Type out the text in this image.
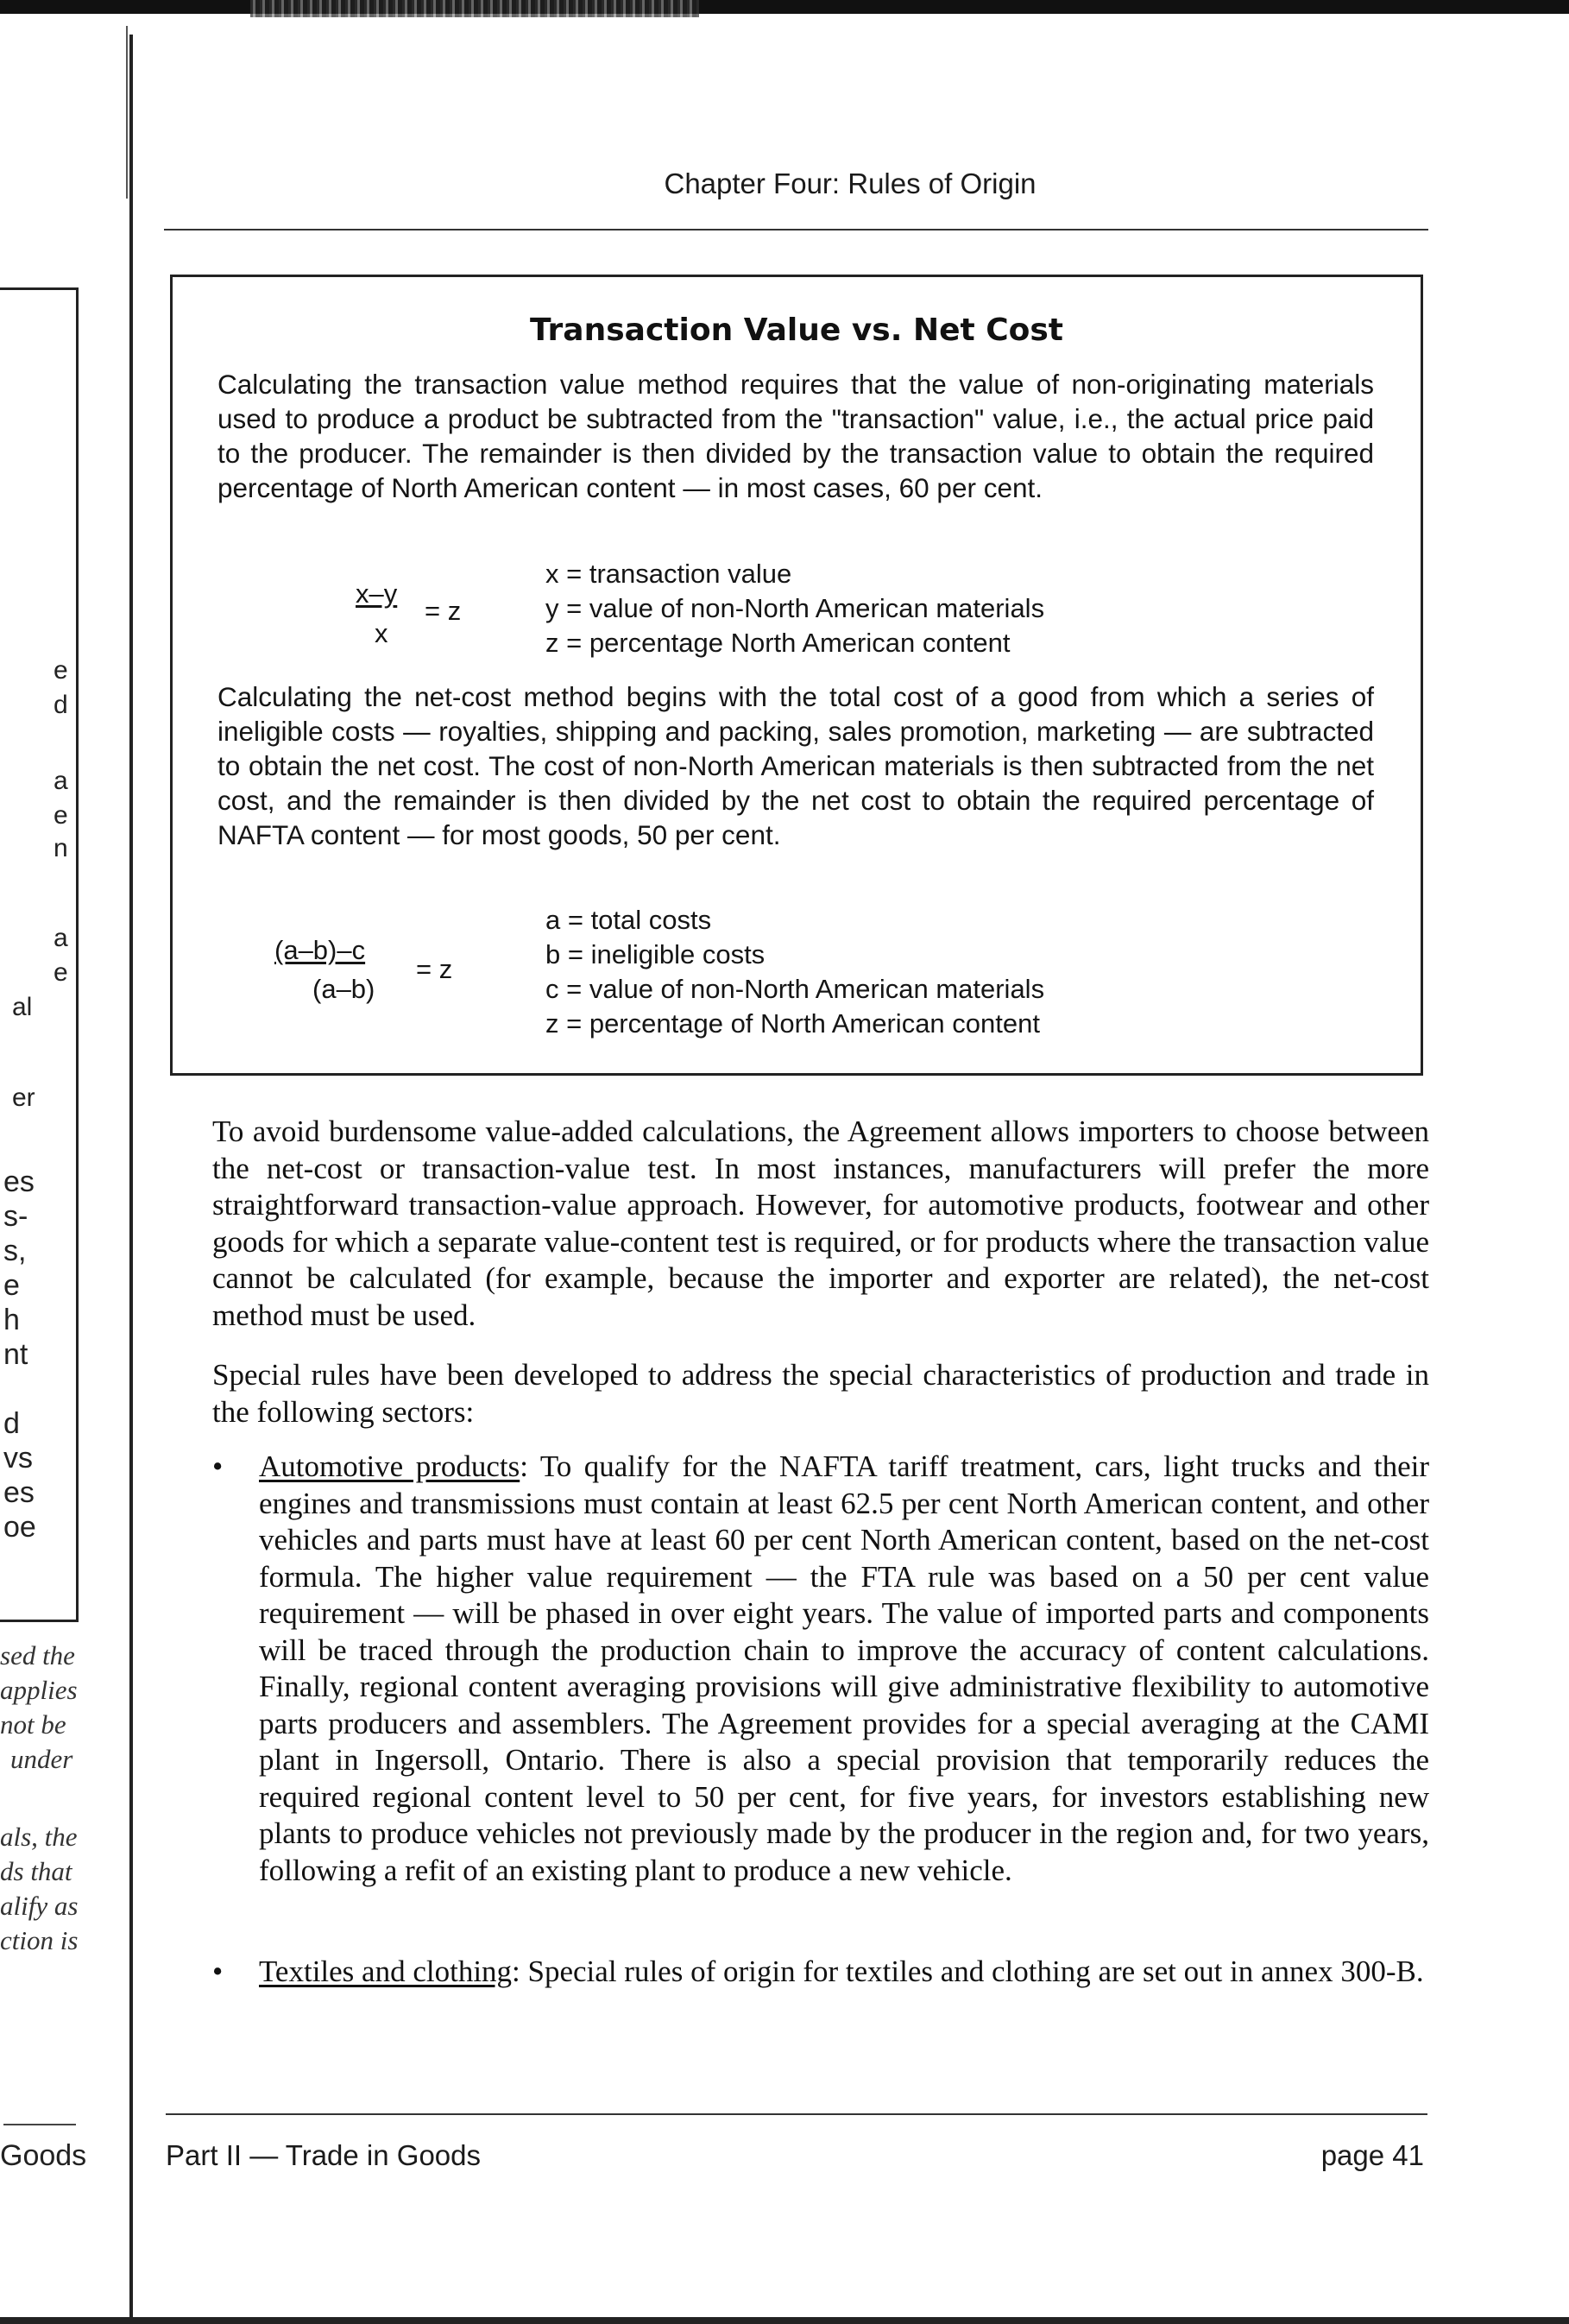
e
d
a
e
n
a
e
al
er
es
s-
s,
e
h
nt
d
vs
es
oe
sed the
applies
not be
under
als, the
ds that
alify as
ction is
Goods
Chapter Four: Rules of Origin
Transaction Value vs. Net Cost
Calculating the transaction value method requires that the value of non-originating materials used to produce a product be subtracted from the "transaction" value, i.e., the actual price paid to the producer. The remainder is then divided by the transaction value to obtain the required percentage of North American content — in most cases, 60 per cent.
x–y
x
= z
x = transaction value
y = value of non-North American materials
z = percentage North American content
Calculating the net-cost method begins with the total cost of a good from which a series of ineligible costs — royalties, shipping and packing, sales promotion, marketing — are subtracted to obtain the net cost. The cost of non-North American materials is then subtracted from the net cost, and the remainder is then divided by the net cost to obtain the required percentage of NAFTA content — for most goods, 50 per cent.
(a–b)–c
(a–b)
= z
a = total costs
b = ineligible costs
c = value of non-North American materials
z = percentage of North American content

To avoid burdensome value-added calculations, the Agreement allows importers to choose between the net-cost or transaction-value test. In most instances, manufacturers will prefer the more straightforward transaction-value approach. However, for automotive products, footwear and other goods for which a separate value-content test is required, or for products where the transaction value cannot be calculated (for example, because the importer and exporter are related), the net-cost method must be used.

Special rules have been developed to address the special characteristics of production and trade in the following sectors:

• Automotive products: To qualify for the NAFTA tariff treatment, cars, light trucks and their engines and transmissions must contain at least 62.5 per cent North American content, and other vehicles and parts must have at least 60 per cent North American content, based on the net-cost formula. The higher value requirement — the FTA rule was based on a 50 per cent value requirement — will be phased in over eight years. The value of imported parts and components will be traced through the production chain to improve the accuracy of content calculations. Finally, regional content averaging provisions will give administrative flexibility to automotive parts producers and assemblers. The Agreement provides for a special averaging at the CAMI plant in Ingersoll, Ontario. There is also a special provision that temporarily reduces the required regional content level to 50 per cent, for five years, for investors establishing new plants to produce vehicles not previously made by the producer in the region and, for two years, following a refit of an existing plant to produce a new vehicle.
• Textiles and clothing: Special rules of origin for textiles and clothing are set out in annex 300-B.
Part II — Trade in Goods	page 41
